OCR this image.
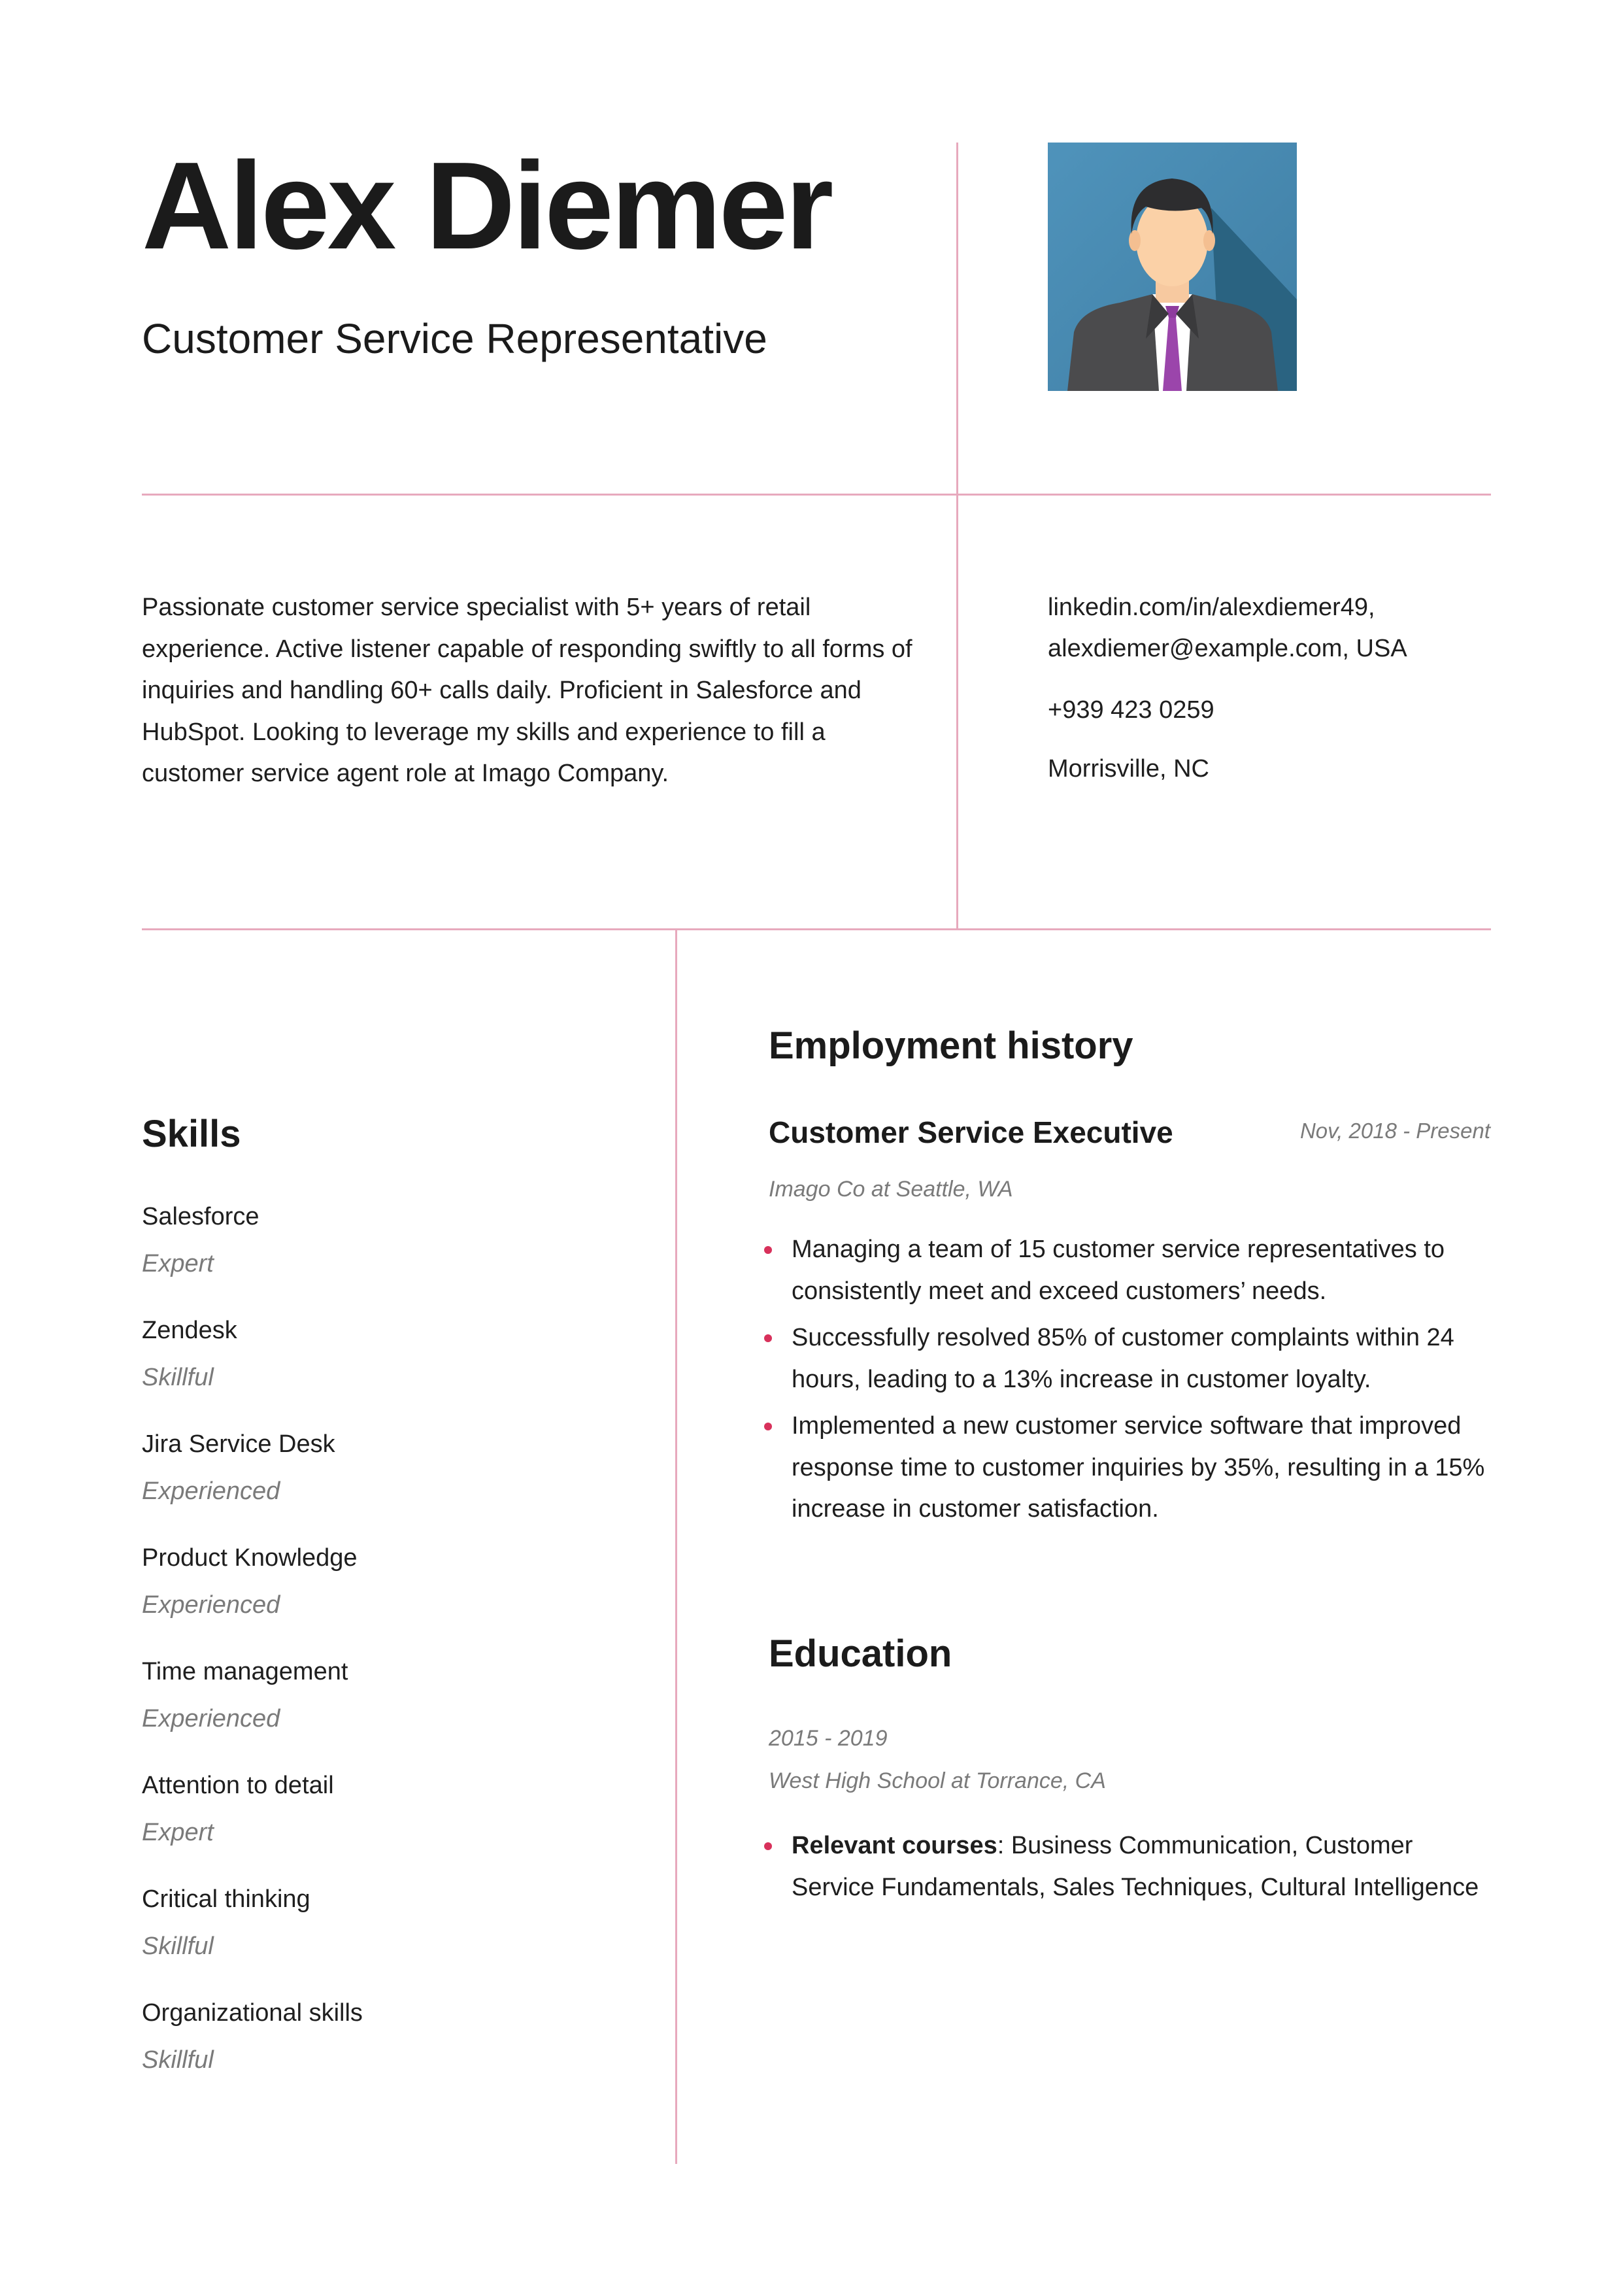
Alex Diemer
Customer Service Representative
Passionate customer service specialist with 5+ years of retail experience. Active listener capable of responding swiftly to all forms of inquiries and handling 60+ calls daily. Proficient in Salesforce and HubSpot. Looking to leverage my skills and experience to fill a customer service agent role at Imago Company.
linkedin.com/in/alexdiemer49,
alexdiemer@example.com, USA
+939 423 0259
Morrisville, NC
Skills
Salesforce
Expert
Zendesk
Skillful
Jira Service Desk
Experienced
Product Knowledge
Experienced
Time management
Experienced
Attention to detail
Expert
Critical thinking
Skillful
Organizational skills
Skillful
Employment history
Customer Service Executive	Nov, 2018 - Present
Imago Co at Seattle, WA
Managing a team of 15 customer service representatives to consistently meet and exceed customers’ needs.
Successfully resolved 85% of customer complaints within 24 hours, leading to a 13% increase in customer loyalty.
Implemented a new customer service software that improved response time to customer inquiries by 35%, resulting in a 15% increase in customer satisfaction.
Education
2015 - 2019
West High School at Torrance, CA
Relevant courses: Business Communication, Customer Service Fundamentals, Sales Techniques, Cultural Intelligence
